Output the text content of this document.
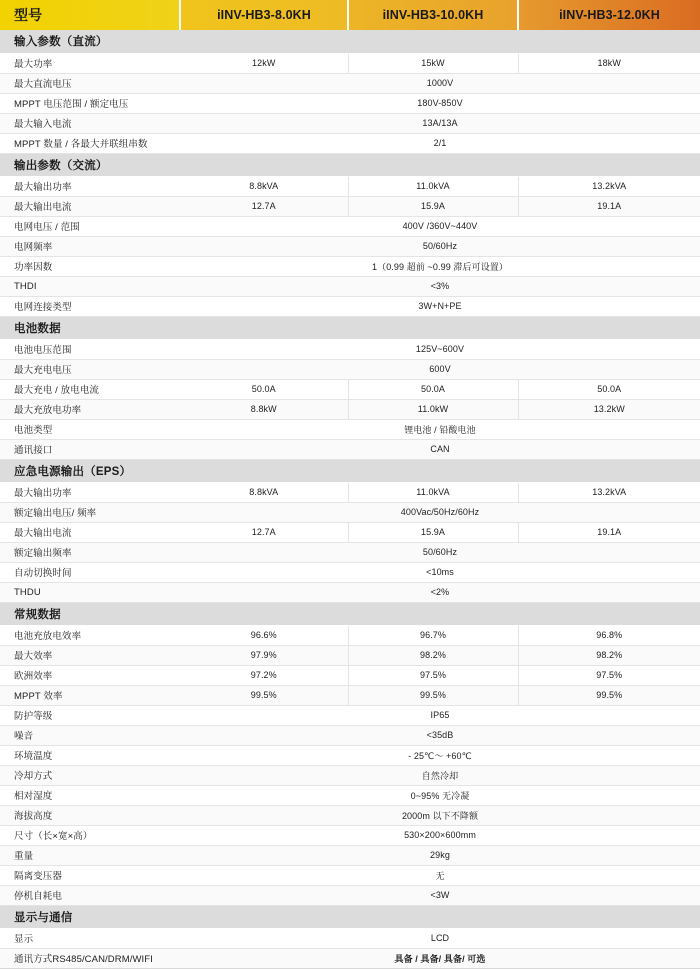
型号	iINV-HB3-8.0KH	iINV-HB3-10.0KH	iINV-HB3-12.0KH
输入参数（直流）			
最大功率	12kW	15kW	18kW
最大直流电压	1000V		
MPPT 电压范围 / 额定电压	180V-850V		
最大输入电流	13A/13A		
MPPT 数量 / 各最大并联组串数	2/1		
输出参数（交流）			
最大输出功率	8.8kVA	11.0kVA	13.2kVA
最大输出电流	12.7A	15.9A	19.1A
电网电压 / 范围	400V /360V~440V		
电网频率	50/60Hz		
功率因数	1（0.99 超前 ~0.99 滞后可设置）		
THDI	<3%		
电网连接类型	3W+N+PE		
电池数据			
电池电压范围	125V~600V		
最大充电电压	600V		
最大充电 / 放电电流	50.0A	50.0A	50.0A
最大充放电功率	8.8kW	11.0kW	13.2kW
电池类型	锂电池 / 铅酸电池		
通讯接口	CAN		
应急电源输出（EPS）			
最大输出功率	8.8kVA	11.0kVA	13.2kVA
额定输出电压/ 频率	400Vac/50Hz/60Hz		
最大输出电流	12.7A	15.9A	19.1A
额定输出频率	50/60Hz		
自动切换时间	<10ms		
THDU	<2%		
常规数据			
电池充放电效率	96.6%	96.7%	96.8%
最大效率	97.9%	98.2%	98.2%
欧洲效率	97.2%	97.5%	97.5%
MPPT 效率	99.5%	99.5%	99.5%
防护等级	IP65		
噪音	<35dB		
环境温度	- 25℃～ +60℃		
冷却方式	自然冷却		
相对湿度	0~95% 无冷凝		
海拔高度	2000m 以下不降额		
尺寸（长×宽×高）	530×200×600mm		
重量	29kg		
隔离变压器	无		
停机自耗电	<3W		
显示与通信			
显示	LCD		
通讯方式RS485/CAN/DRM/WIFI	具备 / 具备/ 具备/ 可选		
